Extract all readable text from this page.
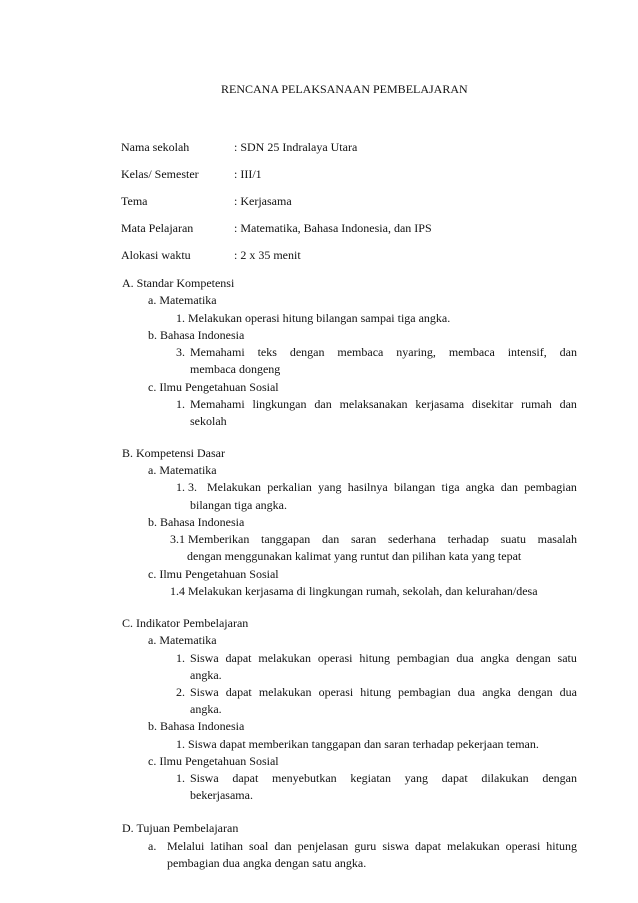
RENCANA PELAKSANAAN PEMBELAJARAN
Nama sekolah	: SDN 25 Indralaya Utara
Kelas/ Semester	: III/1
Tema	: Kerjasama
Mata Pelajaran	: Matematika, Bahasa Indonesia, dan IPS
Alokasi waktu	: 2 x 35 menit
A. Standar Kompetensi
a. Matematika
1. Melakukan operasi hitung bilangan sampai tiga angka.
b. Bahasa Indonesia
3. Memahami teks dengan membaca nyaring, membaca intensif, dan
membaca dongeng
c. Ilmu Pengetahuan Sosial
1. Memahami lingkungan dan melaksanakan kerjasama disekitar rumah dan
sekolah
B. Kompetensi Dasar
a. Matematika
1. 3. Melakukan perkalian yang hasilnya bilangan tiga angka dan pembagian
bilangan tiga angka.
b. Bahasa Indonesia
3.1 Memberikan tanggapan dan saran sederhana terhadap suatu masalah
dengan menggunakan kalimat yang runtut dan pilihan kata yang tepat
c. Ilmu Pengetahuan Sosial
1.4 Melakukan kerjasama di lingkungan rumah, sekolah, dan kelurahan/desa
C. Indikator Pembelajaran
a. Matematika
1. Siswa dapat melakukan operasi hitung pembagian dua angka dengan satu
angka.
2. Siswa dapat melakukan operasi hitung pembagian dua angka dengan dua
angka.
b. Bahasa Indonesia
1. Siswa dapat memberikan tanggapan dan saran terhadap pekerjaan teman.
c. Ilmu Pengetahuan Sosial
1. Siswa dapat menyebutkan kegiatan yang dapat dilakukan dengan
bekerjasama.
D. Tujuan Pembelajaran
a. Melalui latihan soal dan penjelasan guru siswa dapat melakukan operasi hitung
pembagian dua angka dengan satu angka.
